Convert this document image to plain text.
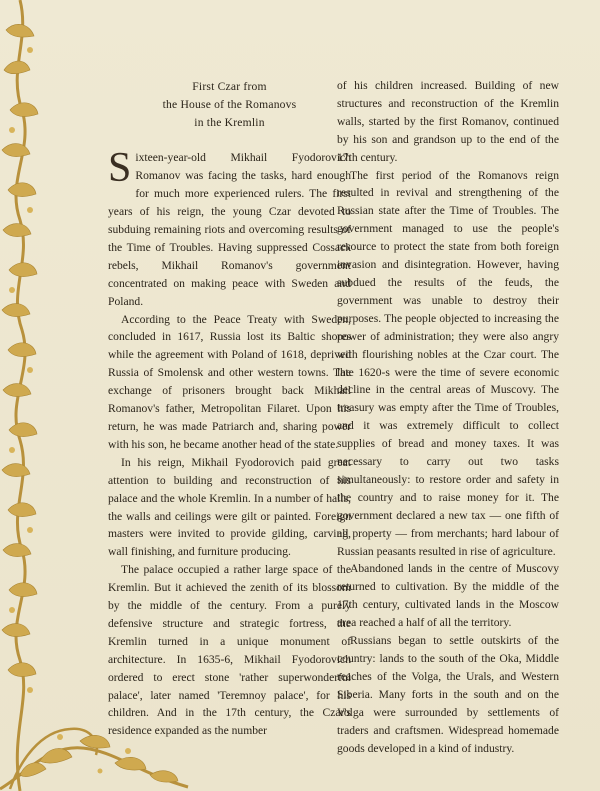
First Czar from
the House of the Romanovs
in the Kremlin

Sixteen-year-old Mikhail Fyodorovich Romanov was facing the tasks, hard enough for much more experienced rulers. The first years of his reign, the young Czar devoted to subduing remaining riots and overcoming results of the Time of Troubles. Having suppressed Cossack rebels, Mikhail Romanov's government concentrated on making peace with Sweden and Poland.

According to the Peace Treaty with Sweden, concluded in 1617, Russia lost its Baltic shores while the agreement with Poland of 1618, deprived Russia of Smolensk and other western towns. The exchange of prisoners brought back Mikhail Romanov's father, Metropolitan Filaret. Upon his return, he was made Patriarch and, sharing power with his son, he became another head of the state.

In his reign, Mikhail Fyodorovich paid great attention to building and reconstruction of his palace and the whole Kremlin. In a number of halls, the walls and ceilings were gilt or painted. Foreign masters were invited to provide gilding, carving, wall finishing, and furniture producing.

The palace occupied a rather large space of the Kremlin. But it achieved the zenith of its blossom by the middle of the century. From a purely defensive structure and strategic fortress, the Kremlin turned in a unique monument of architecture. In 1635-6, Mikhail Fyodorovich ordered to erect stone 'rather superwonderful palace', later named 'Teremnoy palace', for his children. And in the 17th century, the Czar's residence expanded as the number

of his children increased. Building of new structures and reconstruction of the Kremlin walls, started by the first Romanov, continued by his son and grandson up to the end of the 17th century.

The first period of the Romanovs reign resulted in revival and strengthening of the Russian state after the Time of Troubles. The government managed to use the people's resource to protect the state from both foreign invasion and disintegration. However, having subdued the results of the feuds, the government was unable to destroy their purposes. The people objected to increasing the power of administration; they were also angry with flourishing nobles at the Czar court. The late 1620-s were the time of severe economic decline in the central areas of Muscovy. The treasury was empty after the Time of Troubles, and it was extremely difficult to collect supplies of bread and money taxes. It was necessary to carry out two tasks simultaneously: to restore order and safety in the country and to raise money for it. The government declared a new tax — one fifth of all property — from merchants; hard labour of Russian peasants resulted in rise of agriculture.

Abandoned lands in the centre of Muscovy returned to cultivation. By the middle of the 17th century, cultivated lands in the Moscow area reached a half of all the territory.

Russians began to settle outskirts of the country: lands to the south of the Oka, Middle reaches of the Volga, the Urals, and Western Siberia. Many forts in the south and on the Volga were surrounded by settlements of traders and craftsmen. Widespread homemade goods developed in a kind of industry.
